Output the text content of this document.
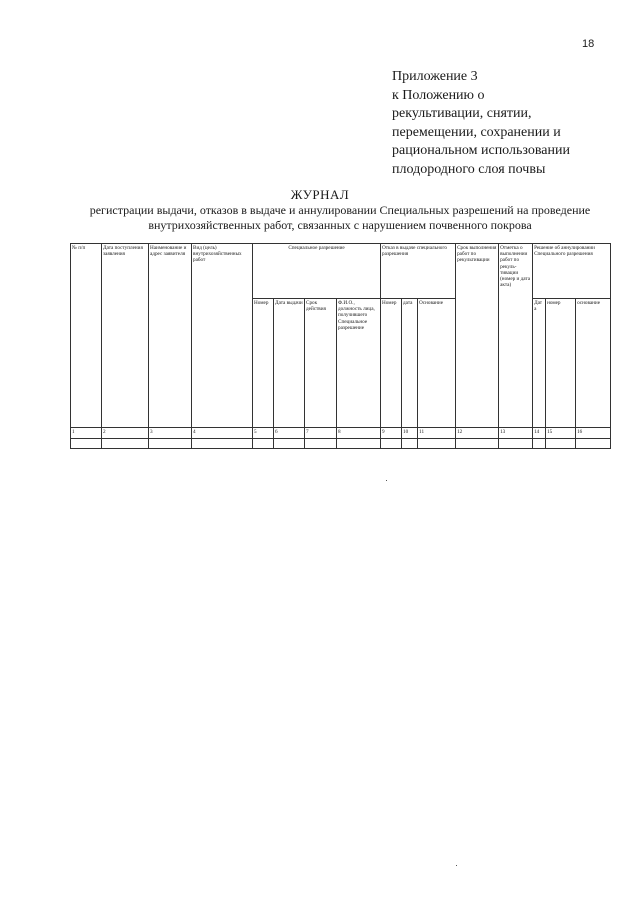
18
Приложение 3
к Положению о
рекультивации, снятии,
перемещении, сохранении и
рациональном использовании
плодородного слоя почвы
ЖУРНАЛ
регистрации выдачи, отказов в выдаче и аннулировании Специальных разрешений на проведение
внутрихозяйственных работ, связанных с нарушением почвенного покрова
№ п/п	Дата поступления заявления	Наименование и адрес заявителя	Вид (цель) внутрихозяйственных работ	Специальное разрешение				Отказ в выдаче специального разрешения			Срок выполнения работ по рекультивации	Отметка о выполнении работ по рекуль-тивации (номер и дата акта)	Решение об аннулировании Специального разрешения		
				Номер	Дата выдачи	Срок действия	Ф.И.О., должность лица, получившего Специальное разрешение	Номер	дата	Основание			Дата	номер	основание
1	2	3	4	5	6	7	8	9	10	11	12	13	14	15	16
